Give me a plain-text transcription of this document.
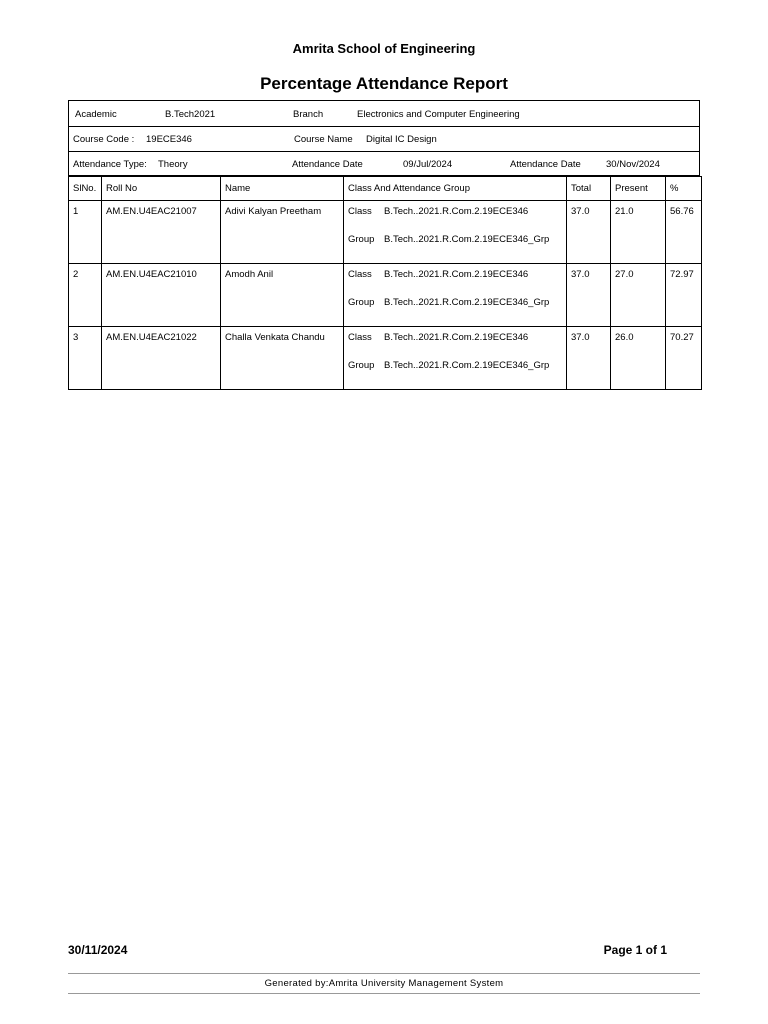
Amrita School of Engineering
Percentage Attendance Report
Academic	B.Tech2021	Branch	Electronics and Computer Engineering
Course Code : 19ECE346	Course Name Digital IC Design
Attendance Type: Theory	Attendance Date	09/Jul/2024	Attendance Date	30/Nov/2024
SlNo.	Roll No	Name	Class And Attendance Group	Total	Present	%
1	AM.EN.U4EAC21007	Adivi Kalyan Preetham	Class B.Tech..2021.R.Com.2.19ECE346
Group B.Tech..2021.R.Com.2.19ECE346_Grp	37.0	21.0	56.76
2	AM.EN.U4EAC21010	Amodh Anil	Class B.Tech..2021.R.Com.2.19ECE346
Group B.Tech..2021.R.Com.2.19ECE346_Grp	37.0	27.0	72.97
3	AM.EN.U4EAC21022	Challa Venkata Chandu	Class B.Tech..2021.R.Com.2.19ECE346
Group B.Tech..2021.R.Com.2.19ECE346_Grp	37.0	26.0	70.27
30/11/2024	Page 1 of 1
Generated by:Amrita University Management System
